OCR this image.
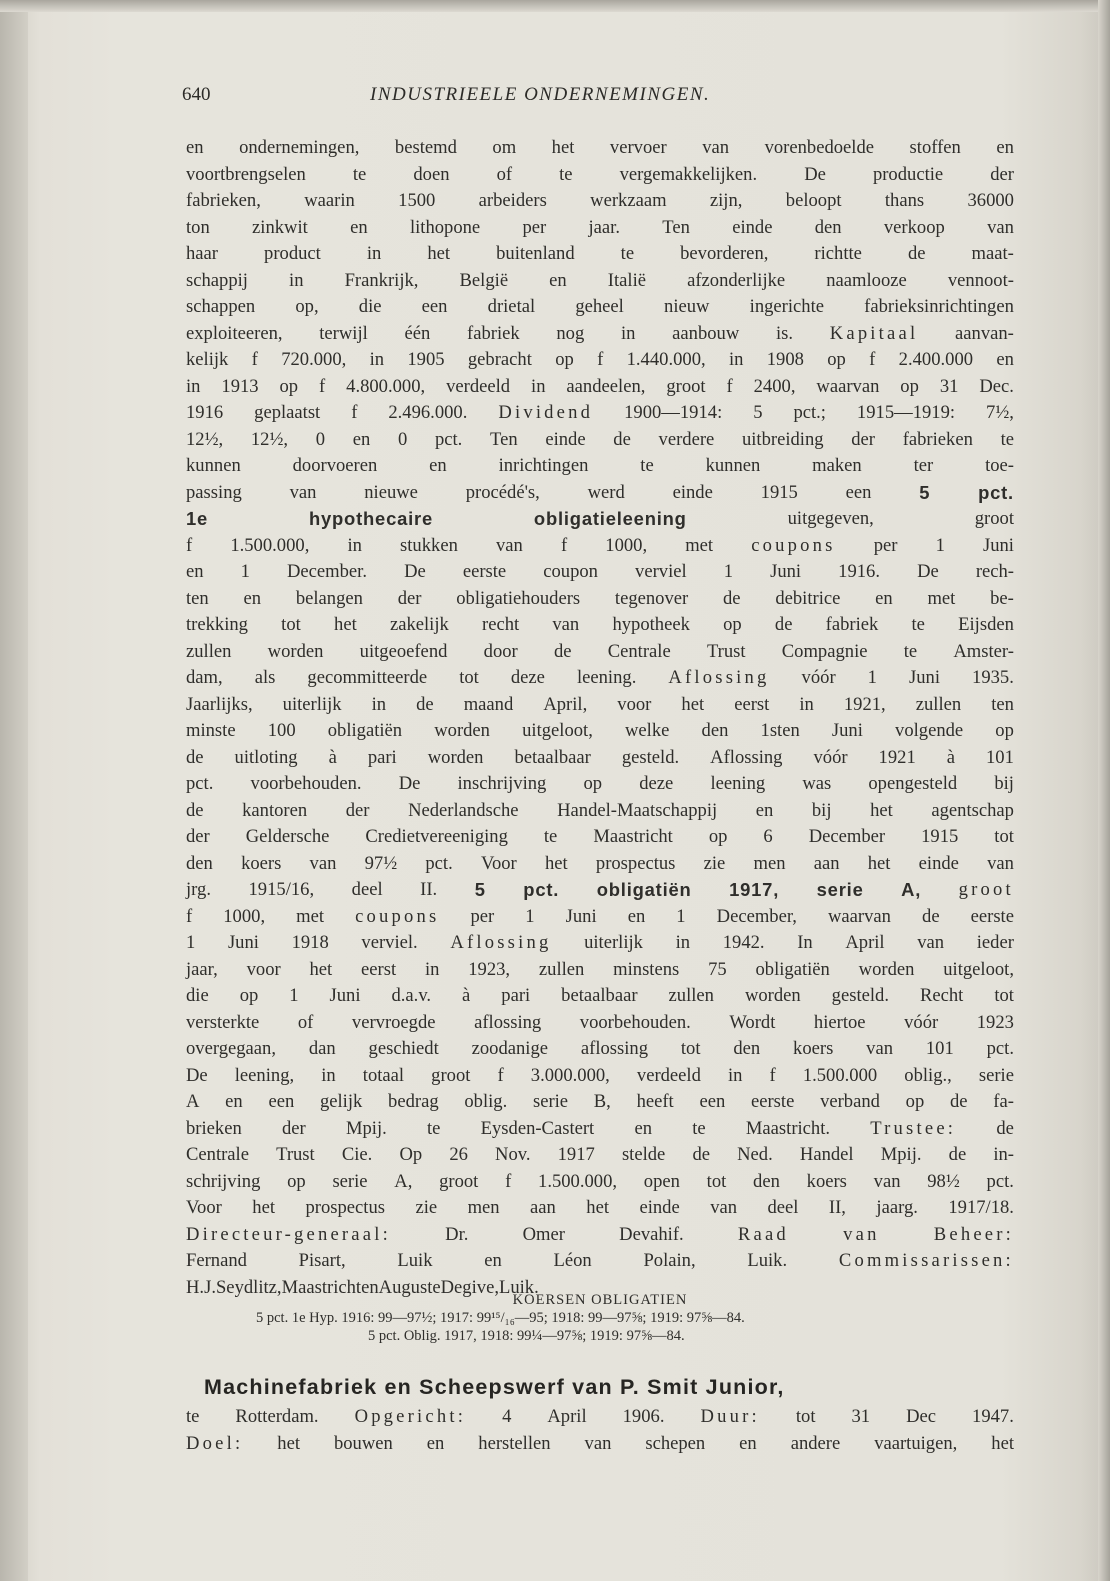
640	INDUSTRIEELE ONDERNEMINGEN.
en ondernemingen, bestemd om het vervoer van vorenbedoelde stoffen en
voortbrengselen	te	doen	of	te	vergemakkelijken.	De	productie	der
fabrieken, waarin 1500 arbeiders werkzaam zijn, beloopt thans 36000
ton zinkwit en lithopone per jaar. Ten einde den verkoop van
haar product in het buitenland te bevorderen, richtte de maat-
schappij in Frankrijk, België en Italië afzonderlijke naamlooze vennoot-
schappen op, die een drietal geheel nieuw ingerichte fabrieksinrichtingen
exploiteeren, terwijl één fabriek nog in aanbouw is. Kapitaal aanvan-
kelijk f 720.000, in 1905 gebracht op f 1.440.000, in 1908 op f 2.400.000 en
in 1913 op f 4.800.000, verdeeld in aandeelen, groot f 2400, waarvan op 31 Dec.
1916 geplaatst f 2.496.000. Dividend 1900—1914: 5 pct.; 1915—1919: 7½,
12½, 12½, 0 en 0 pct. Ten einde de verdere uitbreiding der fabrieken te
kunnen	doorvoeren	en	inrichtingen	te	kunnen	maken	ter	toe-
passing	van	nieuwe	procédé's,	werd	einde	1915	een	5	pct.
1e	hypothecaire	obligatieleening	uitgegeven,	groot
f 1.500.000, in stukken van f 1000, met coupons per 1 Juni
en 1 December. De eerste coupon verviel 1 Juni 1916. De rech-
ten en belangen der obligatiehouders tegenover de debitrice en met be-
trekking tot het zakelijk recht van hypotheek op de fabriek te Eijsden
zullen worden uitgeoefend door de Centrale Trust Compagnie te Amster-
dam, als gecommitteerde tot deze leening. Aflossing vóór 1 Juni 1935.
Jaarlijks, uiterlijk in de maand April, voor het eerst in 1921, zullen ten
minste 100 obligatiën worden uitgeloot, welke den 1sten Juni volgende op
de uitloting à pari worden betaalbaar gesteld. Aflossing vóór 1921 à 101
pct. voorbehouden. De inschrijving op deze leening was opengesteld bij
de kantoren der Nederlandsche Handel-Maatschappij en bij het agentschap
der Geldersche Credietvereeniging te Maastricht op 6 December 1915 tot
den koers van 97½ pct. Voor het prospectus zie men aan het einde van
jrg. 1915/16, deel II. 5 pct. obligatiën 1917, serie A, groot
f 1000, met coupons per 1 Juni en 1 December, waarvan de eerste
1 Juni 1918 verviel. Aflossing uiterlijk in 1942. In April van ieder
jaar, voor het eerst in 1923, zullen minstens 75 obligatiën worden uitgeloot,
die op 1 Juni d.a.v. à pari betaalbaar zullen worden gesteld. Recht tot
versterkte of vervroegde aflossing voorbehouden. Wordt hiertoe vóór 1923
overgegaan, dan geschiedt zoodanige aflossing tot den koers van 101 pct.
De leening, in totaal groot f 3.000.000, verdeeld in f 1.500.000 oblig., serie
A en een gelijk bedrag oblig. serie B, heeft een eerste verband op de fa-
brieken der Mpij. te Eysden-Castert en te Maastricht. Trustee: de
Centrale Trust Cie. Op 26 Nov. 1917 stelde de Ned. Handel Mpij. de in-
schrijving op serie A, groot f 1.500.000, open tot den koers van 98½ pct.
Voor het prospectus zie men aan het einde van deel II, jaarg. 1917/18.
Directeur-generaal:	Dr.	Omer	Devahif.	Raad	van	Beheer:
Fernand	Pisart,	Luik	en	Léon	Polain,	Luik.	Commissarissen:
H. J. Seydlitz, Maastricht en Auguste Degive, Luik.
KOERSEN OBLIGATIEN
5 pct. 1e Hyp. 1916: 99—97½; 1917: 99¹⁵/₁₆—95; 1918: 99—97⅝; 1919: 97⅝—84.
5 pct. Oblig. 1917, 1918: 99¼—97⅝; 1919: 97⅝—84.
Machinefabriek en Scheepswerf van P. Smit Junior,
te Rotterdam. Opgericht: 4 April 1906. Duur: tot 31 Dec 1947.
Doel: het bouwen en herstellen van schepen en andere vaartuigen, het
